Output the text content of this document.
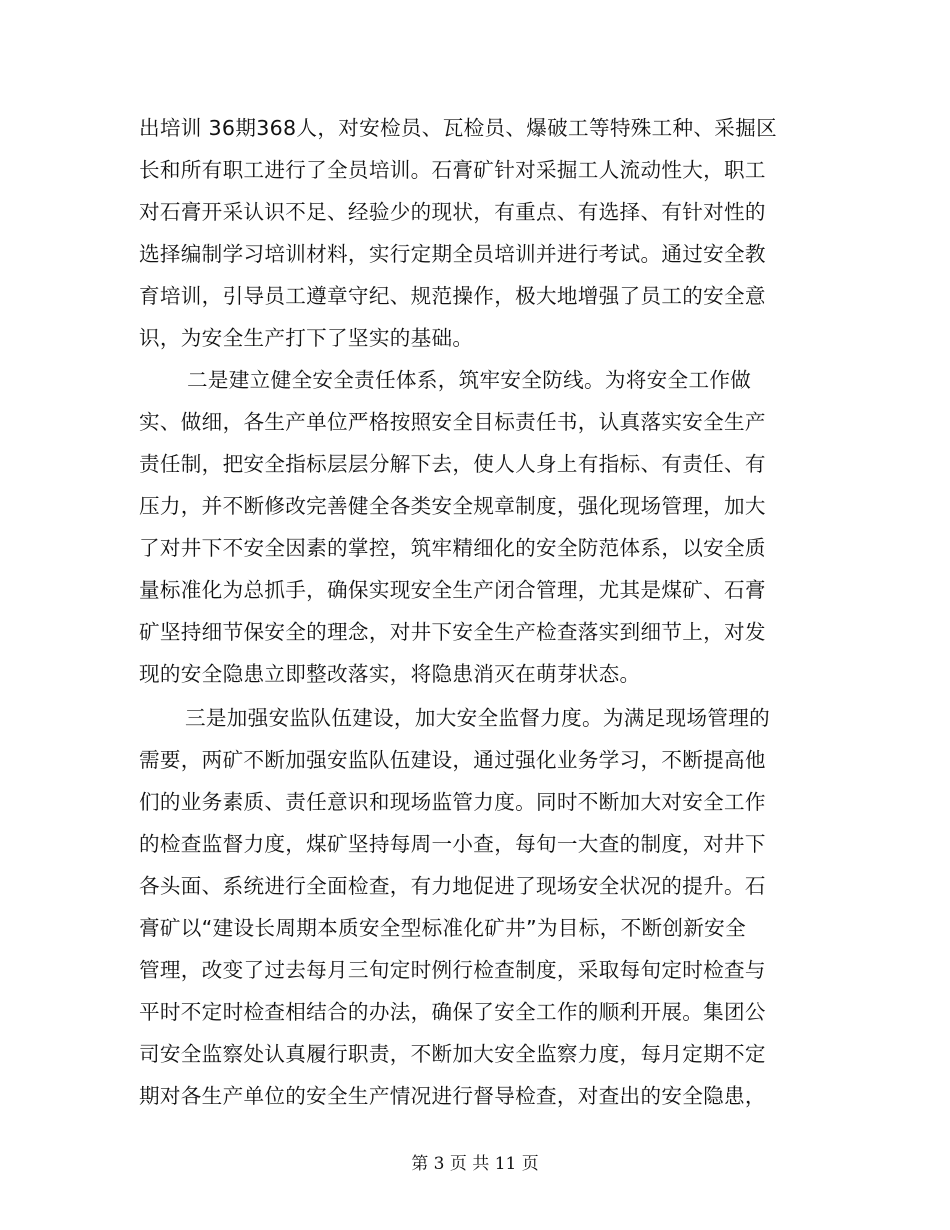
出培训 36期368人，对安检员、瓦检员、爆破工等特殊工种、采掘区
长和所有职工进行了全员培训。石膏矿针对采掘工人流动性大，职工
对石膏开采认识不足、经验少的现状，有重点、有选择、有针对性的
选择编制学习培训材料，实行定期全员培训并进行考试。通过安全教
育培训，引导员工遵章守纪、规范操作，极大地增强了员工的安全意
识，为安全生产打下了坚实的基础。
二是建立健全安全责任体系，筑牢安全防线。为将安全工作做
实、做细，各生产单位严格按照安全目标责任书，认真落实安全生产
责任制，把安全指标层层分解下去，使人人身上有指标、有责任、有
压力，并不断修改完善健全各类安全规章制度，强化现场管理，加大
了对井下不安全因素的掌控，筑牢精细化的安全防范体系，以安全质
量标准化为总抓手，确保实现安全生产闭合管理，尤其是煤矿、石膏
矿坚持细节保安全的理念，对井下安全生产检查落实到细节上，对发
现的安全隐患立即整改落实，将隐患消灭在萌芽状态。
三是加强安监队伍建设，加大安全监督力度。为满足现场管理的
需要，两矿不断加强安监队伍建设，通过强化业务学习，不断提高他
们的业务素质、责任意识和现场监管力度。同时不断加大对安全工作
的检查监督力度，煤矿坚持每周一小查，每旬一大查的制度，对井下
各头面、系统进行全面检查，有力地促进了现场安全状况的提升。石
膏矿以“建设长周期本质安全型标准化矿井”为目标，不断创新安全
管理，改变了过去每月三旬定时例行检查制度，采取每旬定时检查与
平时不定时检查相结合的办法，确保了安全工作的顺利开展。集团公
司安全监察处认真履行职责，不断加大安全监察力度，每月定期不定
期对各生产单位的安全生产情况进行督导检查，对查出的安全隐患，
第 3 页 共 11 页
